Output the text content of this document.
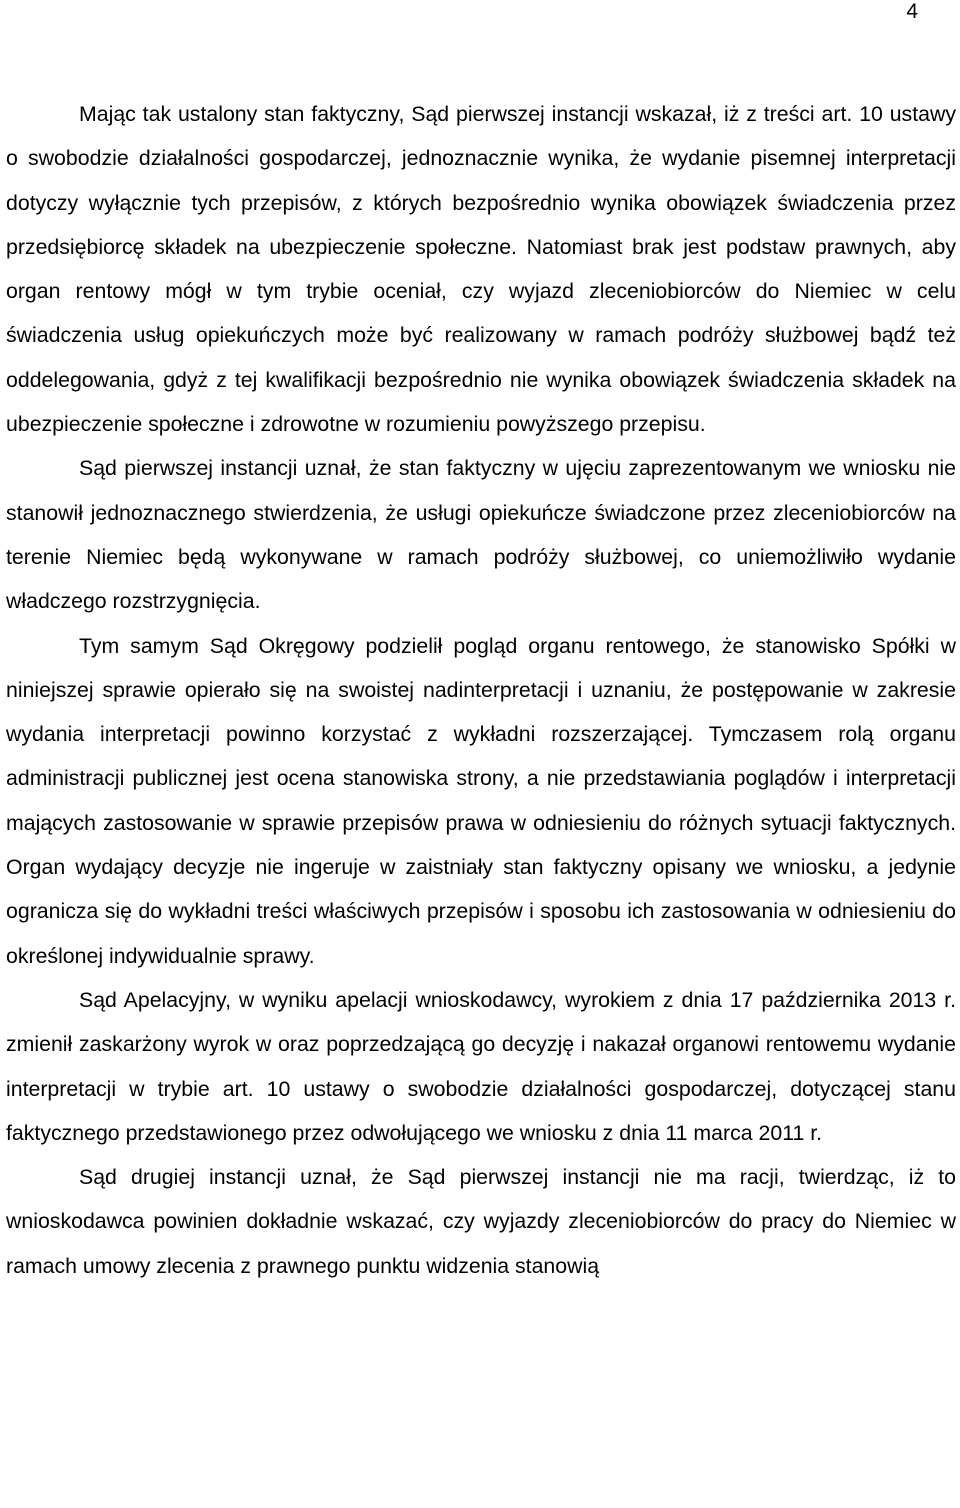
4

Mając tak ustalony stan faktyczny, Sąd pierwszej instancji wskazał, iż z treści art. 10 ustawy o swobodzie działalności gospodarczej, jednoznacznie wynika, że wydanie pisemnej interpretacji dotyczy wyłącznie tych przepisów, z których bezpośrednio wynika obowiązek świadczenia przez przedsiębiorcę składek na ubezpieczenie społeczne. Natomiast brak jest podstaw prawnych, aby organ rentowy mógł w tym trybie oceniał, czy wyjazd zleceniobiorców do Niemiec w celu świadczenia usług opiekuńczych może być realizowany w ramach podróży służbowej bądź też oddelegowania, gdyż z tej kwalifikacji bezpośrednio nie wynika obowiązek świadczenia składek na ubezpieczenie społeczne i zdrowotne w rozumieniu powyższego przepisu.

Sąd pierwszej instancji uznał, że stan faktyczny w ujęciu zaprezentowanym we wniosku nie stanowił jednoznacznego stwierdzenia, że usługi opiekuńcze świadczone przez zleceniobiorców na terenie Niemiec będą wykonywane w ramach podróży służbowej, co uniemożliwiło wydanie władczego rozstrzygnięcia.

Tym samym Sąd Okręgowy podzielił pogląd organu rentowego, że stanowisko Spółki w niniejszej sprawie opierało się na swoistej nadinterpretacji i uznaniu, że postępowanie w zakresie wydania interpretacji powinno korzystać z wykładni rozszerzającej. Tymczasem rolą organu administracji publicznej jest ocena stanowiska strony, a nie przedstawiania poglądów i interpretacji mających zastosowanie w sprawie przepisów prawa w odniesieniu do różnych sytuacji faktycznych. Organ wydający decyzje nie ingeruje w zaistniały stan faktyczny opisany we wniosku, a jedynie ogranicza się do wykładni treści właściwych przepisów i sposobu ich zastosowania w odniesieniu do określonej indywidualnie sprawy.

Sąd Apelacyjny, w wyniku apelacji wnioskodawcy, wyrokiem z dnia 17 października 2013 r. zmienił zaskarżony wyrok w oraz poprzedzającą go decyzję i nakazał organowi rentowemu wydanie interpretacji w trybie art. 10 ustawy o swobodzie działalności gospodarczej, dotyczącej stanu faktycznego przedstawionego przez odwołującego we wniosku z dnia 11 marca 2011 r.

Sąd drugiej instancji uznał, że Sąd pierwszej instancji nie ma racji, twierdząc, iż to wnioskodawca powinien dokładnie wskazać, czy wyjazdy zleceniobiorców do pracy do Niemiec w ramach umowy zlecenia z prawnego punktu widzenia stanowią
